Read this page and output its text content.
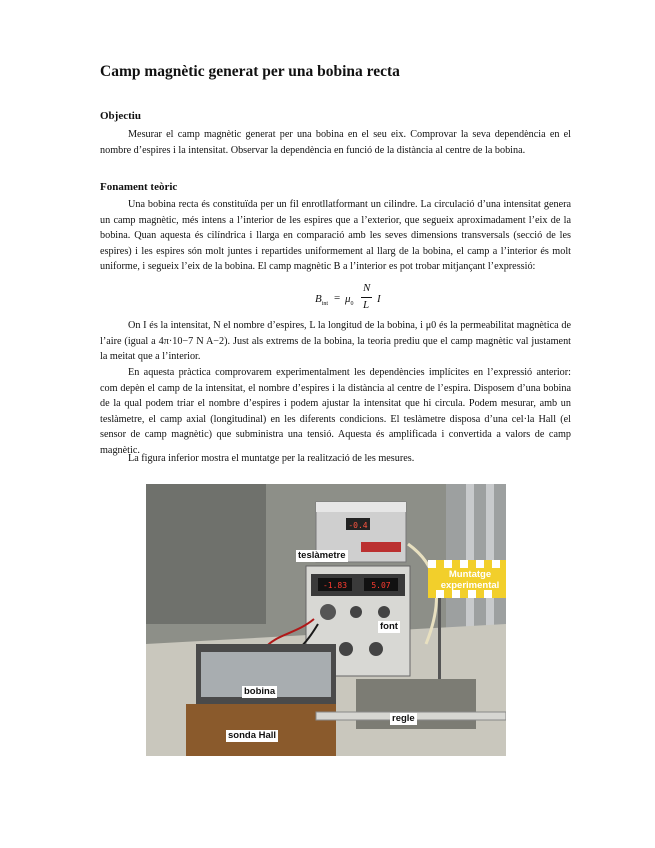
Camp magnètic generat per una bobina recta
Objectiu

Mesurar el camp magnètic generat per una bobina en el seu eix. Comprovar la seva dependència en el nombre d’espires i la intensitat. Observar la dependència en funció de la distància al centre de la bobina.

Fonament teòric

Una bobina recta és constituïda per un fil enrotllatformant un cilindre. La circulació d’una intensitat genera un camp magnètic, més intens a l’interior de les espires que a l’exterior, que segueix aproximadament l’eix de la bobina. Quan aquesta és cilíndrica i llarga en comparació amb les seves dimensions transversals (secció de les espires) i les espires són molt juntes i repartides uniformement al llarg de la bobina, el camp a l’interior és molt uniforme, i segueix l’eix de la bobina. El camp magnètic B a l’interior es pot trobar mitjançant l’expressió:

$B_{int}$
= $\mu_0$
N
L I

On I és la intensitat, N el nombre d’espires, L la longitud de la bobina, i μ0 és la permeabilitat magnètica de l’aire (igual a 4π·10−7 N A−2). Just als extrems de la bobina, la teoria prediu que el camp magnètic val justament la meitat que a l’interior.

En aquesta pràctica comprovarem experimentalment les dependències implícites en l’expressió anterior: com depèn el camp de la intensitat, el nombre d’espires i la distància al centre de l’espira. Disposem d’una bobina de la qual podem triar el nombre d’espires i podem ajustar la intensitat que hi circula. Podem mesurar, amb un teslàmetre, el camp axial (longitudinal) en les diferents condicions. El teslàmetre disposa d’una cel·la Hall (el sensor de camp magnètic) que subministra una tensió. Aquesta és amplificada i convertida a valors de camp magnètic.

La figura inferior mostra el muntatge per la realització de les mesures.

-0.4
-1.83	5.07
teslàmetre
Muntatge
experimental
font
bobina
regle
sonda Hall
